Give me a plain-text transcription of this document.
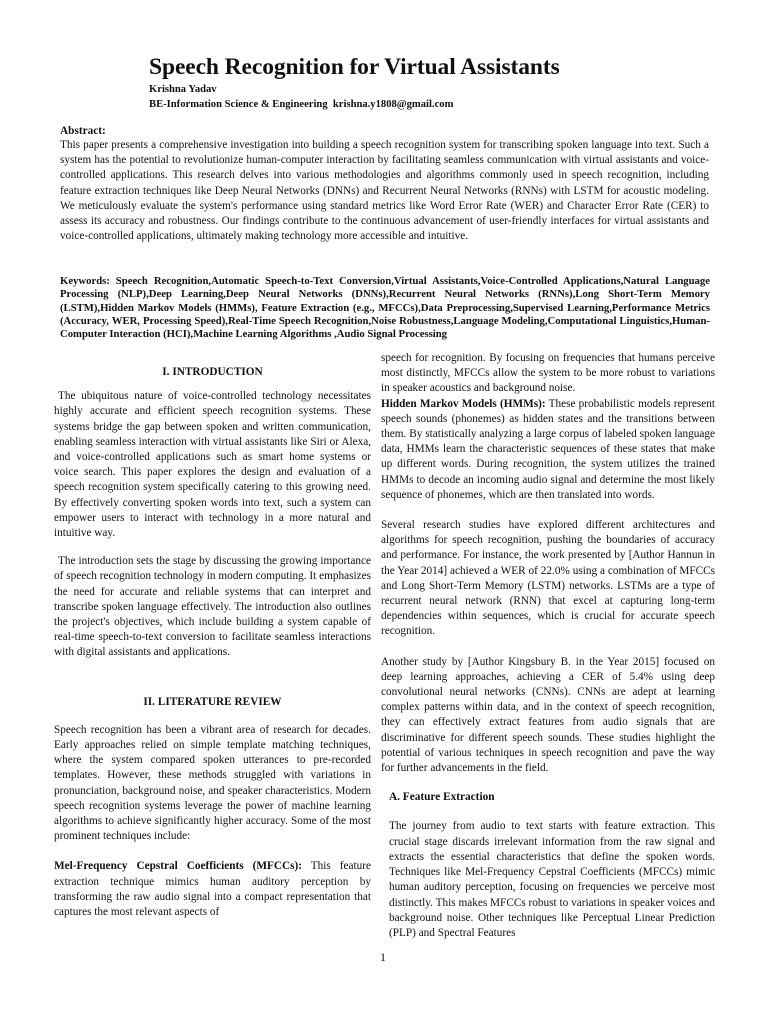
Speech Recognition for Virtual Assistants
Krishna Yadav
BE-Information Science & Engineering  krishna.y1808@gmail.com
Abstract:
This paper presents a comprehensive investigation into building a speech recognition system for transcribing spoken language into text. Such a system has the potential to revolutionize human-computer interaction by facilitating seamless communication with virtual assistants and voice-controlled applications. This research delves into various methodologies and algorithms commonly used in speech recognition, including feature extraction techniques like Deep Neural Networks (DNNs) and Recurrent Neural Networks (RNNs) with LSTM for acoustic modeling. We meticulously evaluate the system's performance using standard metrics like Word Error Rate (WER) and Character Error Rate (CER) to assess its accuracy and robustness. Our findings contribute to the continuous advancement of user-friendly interfaces for virtual assistants and voice-controlled applications, ultimately making technology more accessible and intuitive.
Keywords: Speech Recognition,Automatic Speech-to-Text Conversion,Virtual Assistants,Voice-Controlled Applications,Natural Language Processing (NLP),Deep Learning,Deep Neural Networks (DNNs),Recurrent Neural Networks (RNNs),Long Short-Term Memory (LSTM),Hidden Markov Models (HMMs), Feature Extraction (e.g., MFCCs),Data Preprocessing,Supervised Learning,Performance Metrics (Accuracy, WER, Processing Speed),Real-Time Speech Recognition,Noise Robustness,Language Modeling,Computational Linguistics,Human-Computer Interaction (HCI),Machine Learning Algorithms ,Audio Signal Processing

I. INTRODUCTION

The ubiquitous nature of voice-controlled technology necessitates highly accurate and efficient speech recognition systems. These systems bridge the gap between spoken and written communication, enabling seamless interaction with virtual assistants like Siri or Alexa, and voice-controlled applications such as smart home systems or voice search. This paper explores the design and evaluation of a speech recognition system specifically catering to this growing need. By effectively converting spoken words into text, such a system can empower users to interact with technology in a more natural and intuitive way.

The introduction sets the stage by discussing the growing importance of speech recognition technology in modern computing. It emphasizes the need for accurate and reliable systems that can interpret and transcribe spoken language effectively. The introduction also outlines the project's objectives, which include building a system capable of real-time speech-to-text conversion to facilitate seamless interactions with digital assistants and applications.

II. LITERATURE REVIEW

Speech recognition has been a vibrant area of research for decades. Early approaches relied on simple template matching techniques, where the system compared spoken utterances to pre-recorded templates. However, these methods struggled with variations in pronunciation, background noise, and speaker characteristics. Modern speech recognition systems leverage the power of machine learning algorithms to achieve significantly higher accuracy. Some of the most prominent techniques include:

Mel-Frequency Cepstral Coefficients (MFCCs): This feature extraction technique mimics human auditory perception by transforming the raw audio signal into a compact representation that captures the most relevant aspects of

speech for recognition. By focusing on frequencies that humans perceive most distinctly, MFCCs allow the system to be more robust to variations in speaker acoustics and background noise.

Hidden Markov Models (HMMs): These probabilistic models represent speech sounds (phonemes) as hidden states and the transitions between them. By statistically analyzing a large corpus of labeled spoken language data, HMMs learn the characteristic sequences of these states that make up different words. During recognition, the system utilizes the trained HMMs to decode an incoming audio signal and determine the most likely sequence of phonemes, which are then translated into words.

Several research studies have explored different architectures and algorithms for speech recognition, pushing the boundaries of accuracy and performance. For instance, the work presented by [Author Hannun in the Year 2014] achieved a WER of 22.0% using a combination of MFCCs and Long Short-Term Memory (LSTM) networks. LSTMs are a type of recurrent neural network (RNN) that excel at capturing long-term dependencies within sequences, which is crucial for accurate speech recognition.

Another study by [Author Kingsbury B. in the Year 2015] focused on deep learning approaches, achieving a CER of 5.4% using deep convolutional neural networks (CNNs). CNNs are adept at learning complex patterns within data, and in the context of speech recognition, they can effectively extract features from audio signals that are discriminative for different speech sounds. These studies highlight the potential of various techniques in speech recognition and pave the way for further advancements in the field.

A. Feature Extraction

The journey from audio to text starts with feature extraction. This crucial stage discards irrelevant information from the raw signal and extracts the essential characteristics that define the spoken words. Techniques like Mel-Frequency Cepstral Coefficients (MFCCs) mimic human auditory perception, focusing on frequencies we perceive most distinctly. This makes MFCCs robust to variations in speaker voices and background noise. Other techniques like Perceptual Linear Prediction (PLP) and Spectral Features

1
